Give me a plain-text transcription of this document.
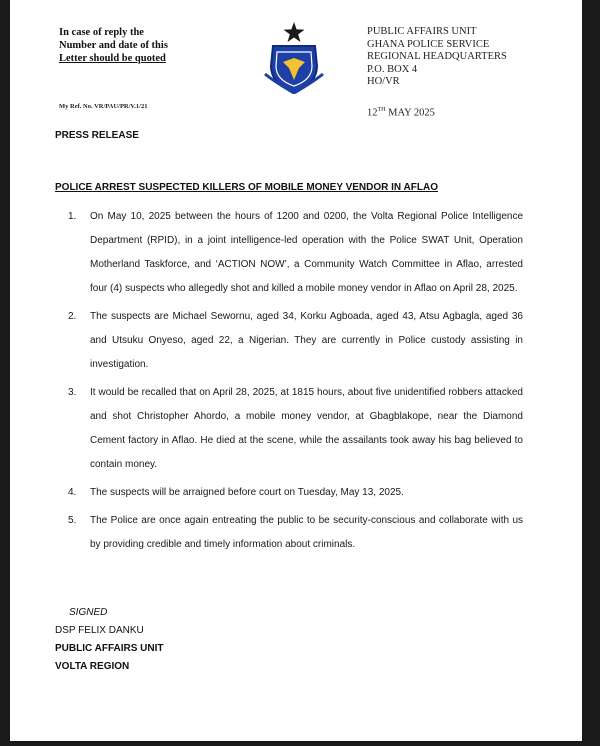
In case of reply the
Number and date of this
Letter should be quoted
My Ref. No. VR/PAU/PR/V.1/21
PUBLIC AFFAIRS UNIT
GHANA POLICE SERVICE
REGIONAL HEADQUARTERS
P.O. BOX 4
HO/VR
12TH MAY 2025
PRESS RELEASE
POLICE ARREST SUSPECTED KILLERS OF MOBILE MONEY VENDOR IN AFLAO
1. On May 10, 2025 between the hours of 1200 and 0200, the Volta Regional Police Intelligence Department (RPID), in a joint intelligence-led operation with the Police SWAT Unit, Operation Motherland Taskforce, and ‘ACTION NOW’, a Community Watch Committee in Aflao, arrested four (4) suspects who allegedly shot and killed a mobile money vendor in Aflao on April 28, 2025.
2. The suspects are Michael Sewornu, aged 34, Korku Agboada, aged 43, Atsu Agbagla, aged 36 and Utsuku Onyeso, aged 22, a Nigerian. They are currently in Police custody assisting in investigation.
3. It would be recalled that on April 28, 2025, at 1815 hours, about five unidentified robbers attacked and shot Christopher Ahordo, a mobile money vendor, at Gbagblakope, near the Diamond Cement factory in Aflao. He died at the scene, while the assailants took away his bag believed to contain money.
4. The suspects will be arraigned before court on Tuesday, May 13, 2025.
5. The Police are once again entreating the public to be security-conscious and collaborate with us by providing credible and timely information about criminals.
SIGNED
DSP FELIX DANKU
PUBLIC AFFAIRS UNIT
VOLTA REGION
